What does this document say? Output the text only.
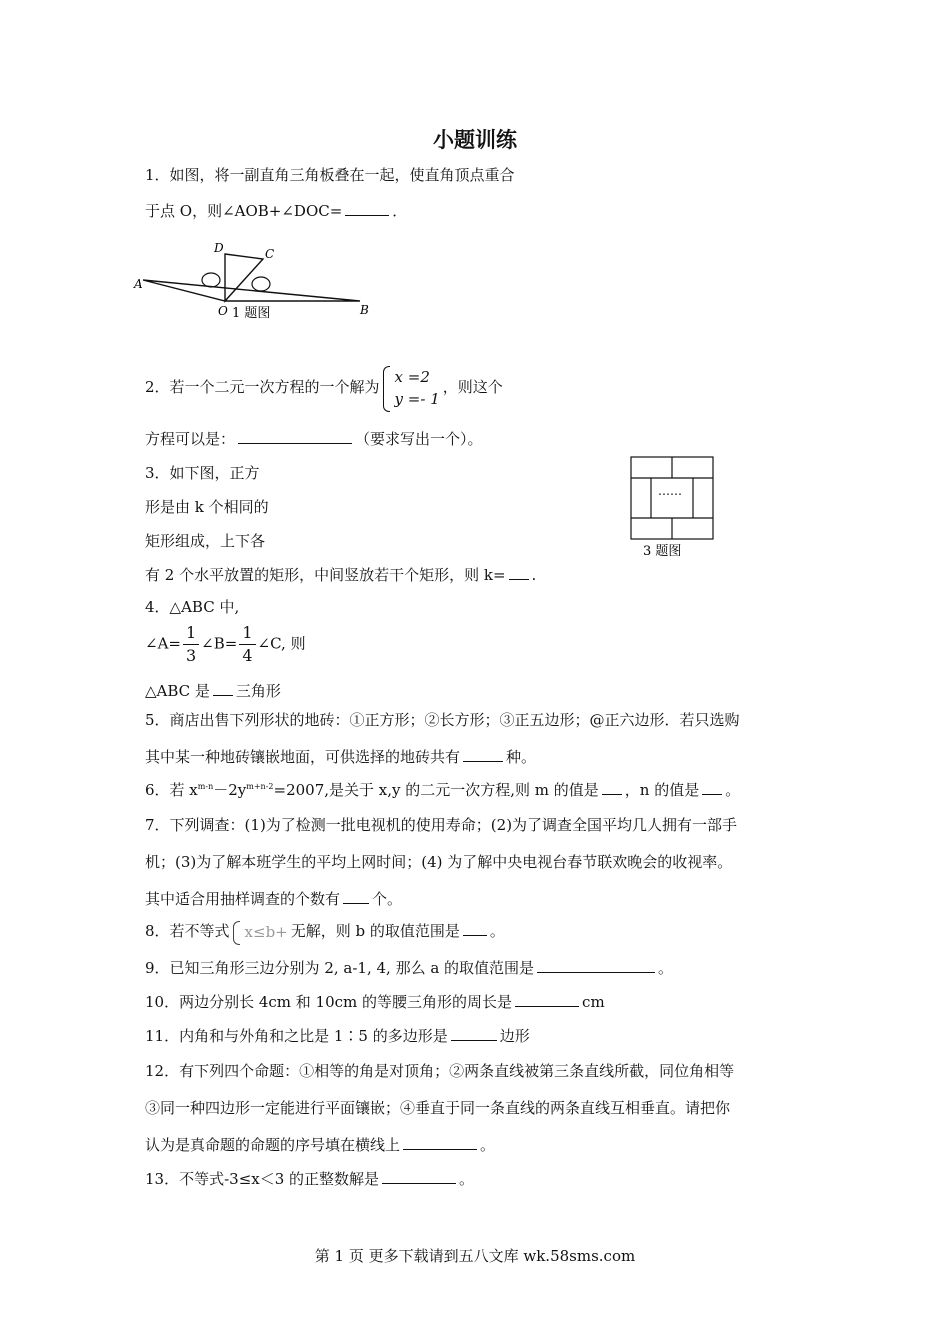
小题训练
1．如图，将一副直角三角板叠在一起，使直角顶点重合
于点 O，则∠AOB+∠DOC=	．
A
B
C
D
O 1 题图
2．若一个二元一次方程的一个解为
x =2
y =- 1
，则这个
方程可以是：	（要求写出一个）。
3．如下图，正方
形是由 k 个相同的
矩形组成，上下各
有 2 个水平放置的矩形，中间竖放若干个矩形，则 k= .
……
3 题图
4．△ABC 中,
∠A= $\frac{1}{3}$ ∠B= $\frac{1}{4}$ ∠C, 则
△ABC 是 三角形
5．商店出售下列形状的地砖：①正方形；②长方形；③正五边形；@正六边形．若只选购
其中某一种地砖镶嵌地面，可供选择的地砖共有	种。
6．若 $x^{m-n}-2y^{m+n-2}=2007$,是关于 x,y 的二元一次方程,则 m 的值是 ，n 的值是 。
7．下列调查：(1)为了检测一批电视机的使用寿命；(2)为了调查全国平均几人拥有一部手
机；(3)为了解本班学生的平均上网时间；(4) 为了解中央电视台春节联欢晚会的收视率。
其中适合用抽样调查的个数有 个。
8．若不等式 x≤b+ 无解，则 b 的取值范围是 。
9．已知三角形三边分别为 2, a-1, 4, 那么 a 的取值范围是	。
10．两边分别长 4cm 和 10cm 的等腰三角形的周长是	cm
11．内角和与外角和之比是 1∶5 的多边形是	边形
12．有下列四个命题：①相等的角是对顶角；②两条直线被第三条直线所截，同位角相等
③同一种四边形一定能进行平面镶嵌；④垂直于同一条直线的两条直线互相垂直。请把你
认为是真命题的命题的序号填在横线上	。
13．不等式-3≤x＜3 的正整数解是	。
第 1 页 更多下载请到五八文库 wk.58sms.com
